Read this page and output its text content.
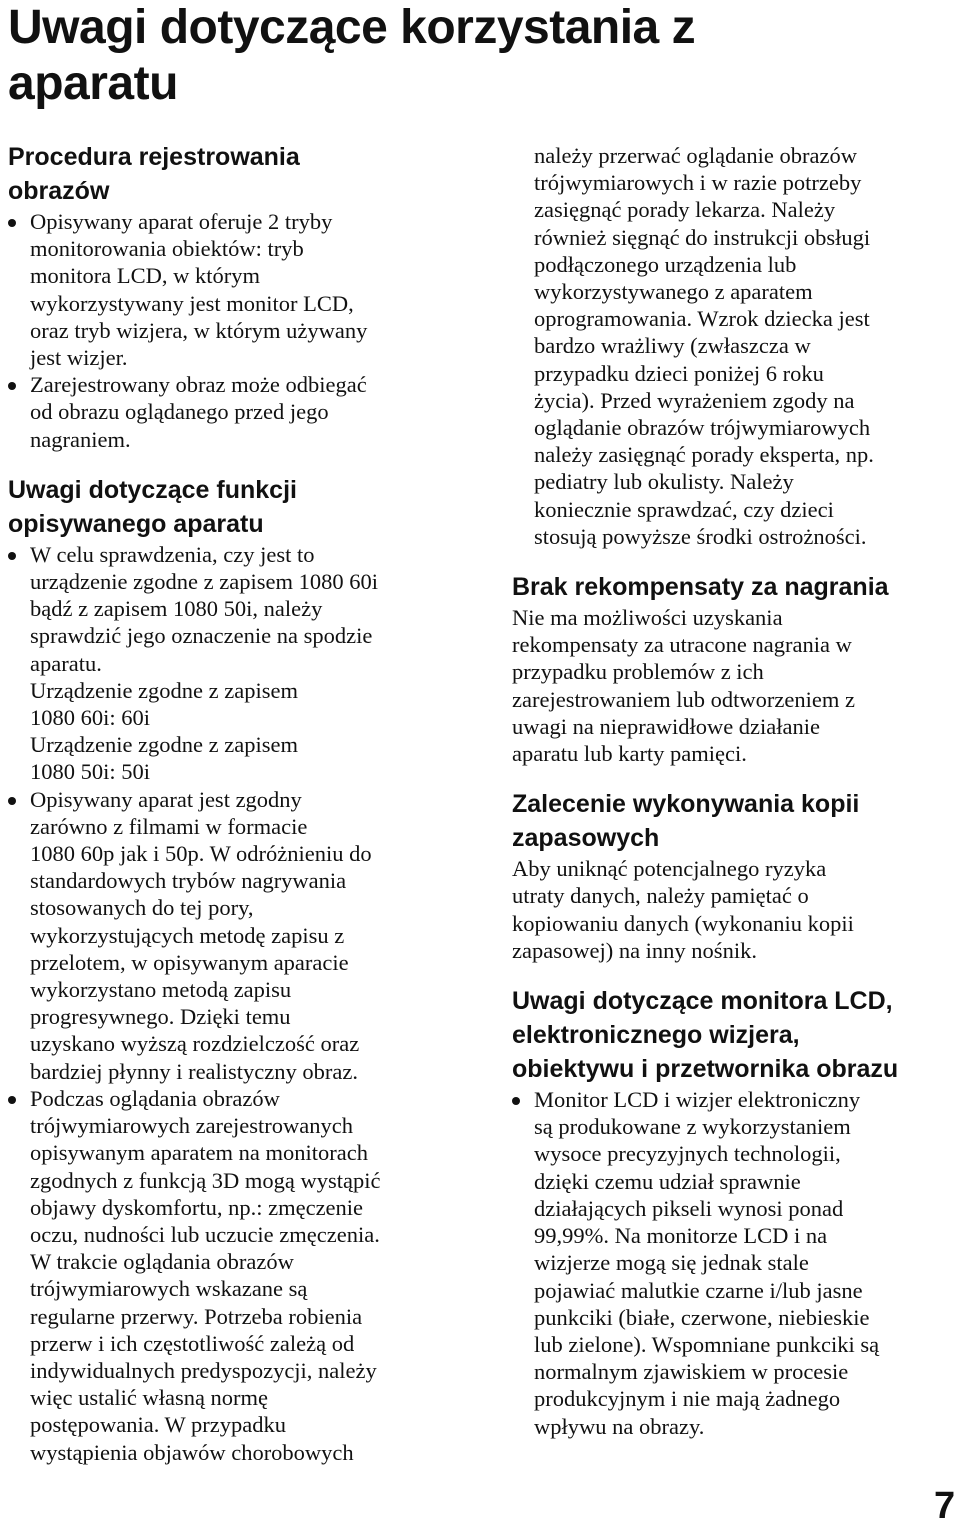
Uwagi dotyczące korzystania z
aparatu
Procedura rejestrowania
obrazów
Opisywany aparat oferuje 2 tryby
monitorowania obiektów: tryb
monitora LCD, w którym
wykorzystywany jest monitor LCD,
oraz tryb wizjera, w którym używany
jest wizjer.
Zarejestrowany obraz może odbiegać
od obrazu oglądanego przed jego
nagraniem.
Uwagi dotyczące funkcji
opisywanego aparatu
W celu sprawdzenia, czy jest to
urządzenie zgodne z zapisem 1080 60i
bądź z zapisem 1080 50i, należy
sprawdzić jego oznaczenie na spodzie
aparatu.
Urządzenie zgodne z zapisem
1080 60i: 60i
Urządzenie zgodne z zapisem
1080 50i: 50i
Opisywany aparat jest zgodny
zarówno z filmami w formacie
1080 60p jak i 50p. W odróżnieniu do
standardowych trybów nagrywania
stosowanych do tej pory,
wykorzystujących metodę zapisu z
przelotem, w opisywanym aparacie
wykorzystano metodą zapisu
progresywnego. Dzięki temu
uzyskano wyższą rozdzielczość oraz
bardziej płynny i realistyczny obraz.
Podczas oglądania obrazów
trójwymiarowych zarejestrowanych
opisywanym aparatem na monitorach
zgodnych z funkcją 3D mogą wystąpić
objawy dyskomfortu, np.: zmęczenie
oczu, nudności lub uczucie zmęczenia.
W trakcie oglądania obrazów
trójwymiarowych wskazane są
regularne przerwy. Potrzeba robienia
przerw i ich częstotliwość zależą od
indywidualnych predyspozycji, należy
więc ustalić własną normę
postępowania. W przypadku
wystąpienia objawów chorobowych
należy przerwać oglądanie obrazów
trójwymiarowych i w razie potrzeby
zasięgnąć porady lekarza. Należy
również sięgnąć do instrukcji obsługi
podłączonego urządzenia lub
wykorzystywanego z aparatem
oprogramowania. Wzrok dziecka jest
bardzo wrażliwy (zwłaszcza w
przypadku dzieci poniżej 6 roku
życia). Przed wyrażeniem zgody na
oglądanie obrazów trójwymiarowych
należy zasięgnąć porady eksperta, np.
pediatry lub okulisty. Należy
koniecznie sprawdzać, czy dzieci
stosują powyższe środki ostrożności.
Brak rekompensaty za nagrania
Nie ma możliwości uzyskania
rekompensaty za utracone nagrania w
przypadku problemów z ich
zarejestrowaniem lub odtworzeniem z
uwagi na nieprawidłowe działanie
aparatu lub karty pamięci.
Zalecenie wykonywania kopii
zapasowych
Aby uniknąć potencjalnego ryzyka
utraty danych, należy pamiętać o
kopiowaniu danych (wykonaniu kopii
zapasowej) na inny nośnik.
Uwagi dotyczące monitora LCD,
elektronicznego wizjera,
obiektywu i przetwornika obrazu
Monitor LCD i wizjer elektroniczny
są produkowane z wykorzystaniem
wysoce precyzyjnych technologii,
dzięki czemu udział sprawnie
działających pikseli wynosi ponad
99,99%. Na monitorze LCD i na
wizjerze mogą się jednak stale
pojawiać malutkie czarne i/lub jasne
punkciki (białe, czerwone, niebieskie
lub zielone). Wspomniane punkciki są
normalnym zjawiskiem w procesie
produkcyjnym i nie mają żadnego
wpływu na obrazy.
7
